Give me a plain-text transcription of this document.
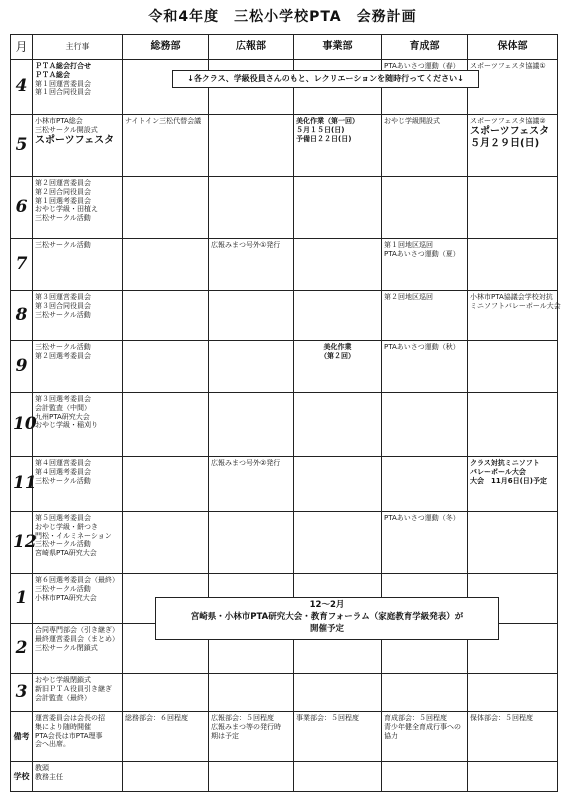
令和4年度　三松小学校PTA　会務計画
月	主行事	総務部	広報部	事業部	育成部	保体部
4	ＰＴＡ総会打合せ
ＰＴＡ総会
第１回運営委員会
第１回合同役員会				PTAあいさつ運動（春）	スポーツフェスタ協議①

5	小林市PTA総会
三松サークル開設式
スポーツフェスタ	ナイトイン三松代替会議		美化作業（第一回）
５月１５日(日)
予備日２２日(日)	おやじ学級開設式	スポーツフェスタ協議②
スポーツフェスタ
５月２９日(日)

6	第２回運営委員会
第２回合同役員会
第１回選考委員会
おやじ学級・田植え
三松サークル活動					

7	三松サークル活動		広報みまつ号外①発行		第１回地区巡回
PTAあいさつ運動（夏）	

8	第３回運営委員会
第３回合同役員会
三松サークル活動				第２回地区巡回	小林市PTA協議会学校対抗
ミニソフトバレーボール大会

9	三松サークル活動
第２回選考委員会			美化作業
（第２回）	PTAあいさつ運動（秋）	

10	第３回選考委員会
会計監査（中間）
九州PTA研究大会
おやじ学級・稲刈り					

11	第４回運営委員会
第４回選考委員会
三松サークル活動		広報みまつ号外②発行			クラス対抗ミニソフト
バレーボール大会
大会　11月6日(日)予定

12	第５回選考委員会
おやじ学級・餅つき
門松・イルミネーション
三松サークル活動
宮崎県PTA研究大会				PTAあいさつ運動（冬）	

1	第６回選考委員会（最終）
三松サークル活動
小林市PTA研究大会					

2	合同専門部会（引き継ぎ）
最終運営委員会（まとめ）
三松サークル閉鎖式

3	おやじ学級閉鎖式
新旧ＰＴＡ役員引き継ぎ
会計監査（最終）					

備考	運営委員会は会長の招
集により随時開催
PTA会長は市PTA理事
会へ出席。	総務部会：６回程度	広報部会：５回程度
広報みまつ等の発行時
期は予定	事業部会：５回程度	育成部会：５回程度
青少年健全育成行事への
協力	保体部会：５回程度

学校	教頭
教務主任					

↓各クラス、学級役員さんのもと、レクリエーションを随時行ってください↓
12～2月
宮崎県・小林市PTA研究大会・教育フォーラム（家庭教育学級発表）が
開催予定
